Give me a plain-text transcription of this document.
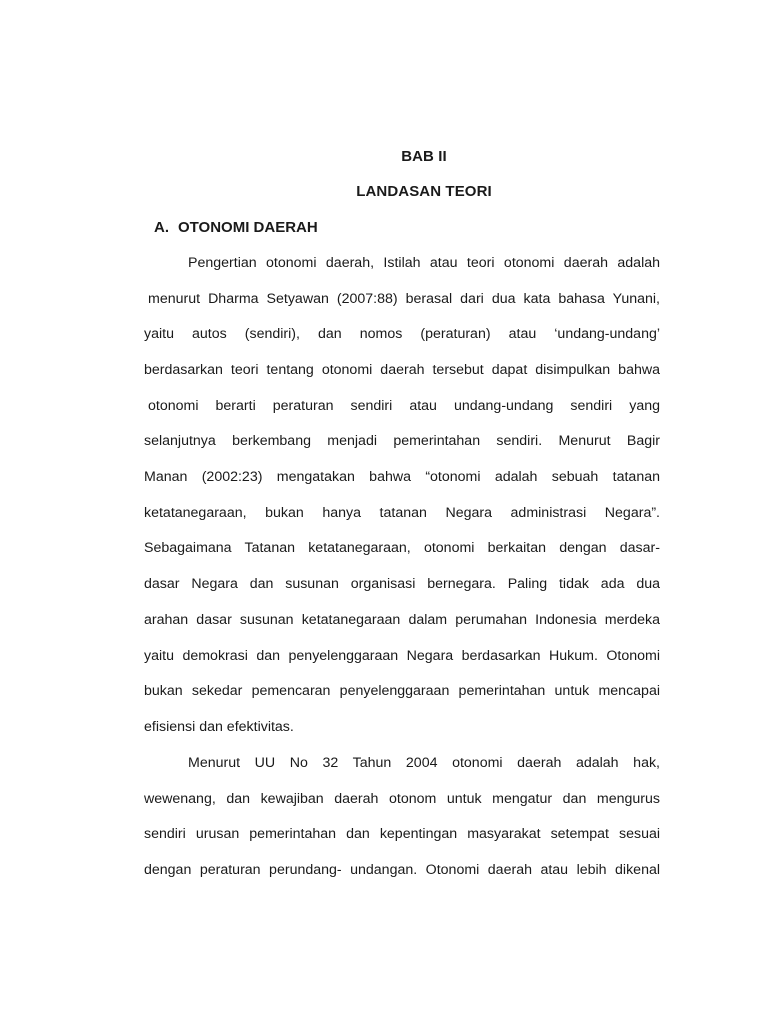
BAB II
LANDASAN TEORI
A. OTONOMI DAERAH
Pengertian otonomi daerah, Istilah atau teori otonomi daerah adalah
menurut Dharma Setyawan (2007:88) berasal dari dua kata bahasa Yunani,
yaitu autos (sendiri), dan nomos (peraturan) atau ‘undang-undang’
berdasarkan teori tentang otonomi daerah tersebut dapat disimpulkan bahwa
otonomi berarti peraturan sendiri atau undang-undang sendiri yang
selanjutnya berkembang menjadi pemerintahan sendiri. Menurut Bagir
Manan (2002:23) mengatakan bahwa “otonomi adalah sebuah tatanan
ketatanegaraan, bukan hanya tatanan Negara administrasi Negara”.
Sebagaimana Tatanan ketatanegaraan, otonomi berkaitan dengan dasar-
dasar Negara dan susunan organisasi bernegara. Paling tidak ada dua
arahan dasar susunan ketatanegaraan dalam perumahan Indonesia merdeka
yaitu demokrasi dan penyelenggaraan Negara berdasarkan Hukum. Otonomi
bukan sekedar pemencaran penyelenggaraan pemerintahan untuk mencapai
efisiensi dan efektivitas.
Menurut UU No 32 Tahun 2004 otonomi daerah adalah hak,
wewenang, dan kewajiban daerah otonom untuk mengatur dan mengurus
sendiri urusan pemerintahan dan kepentingan masyarakat setempat sesuai
dengan peraturan perundang- undangan. Otonomi daerah atau lebih dikenal
